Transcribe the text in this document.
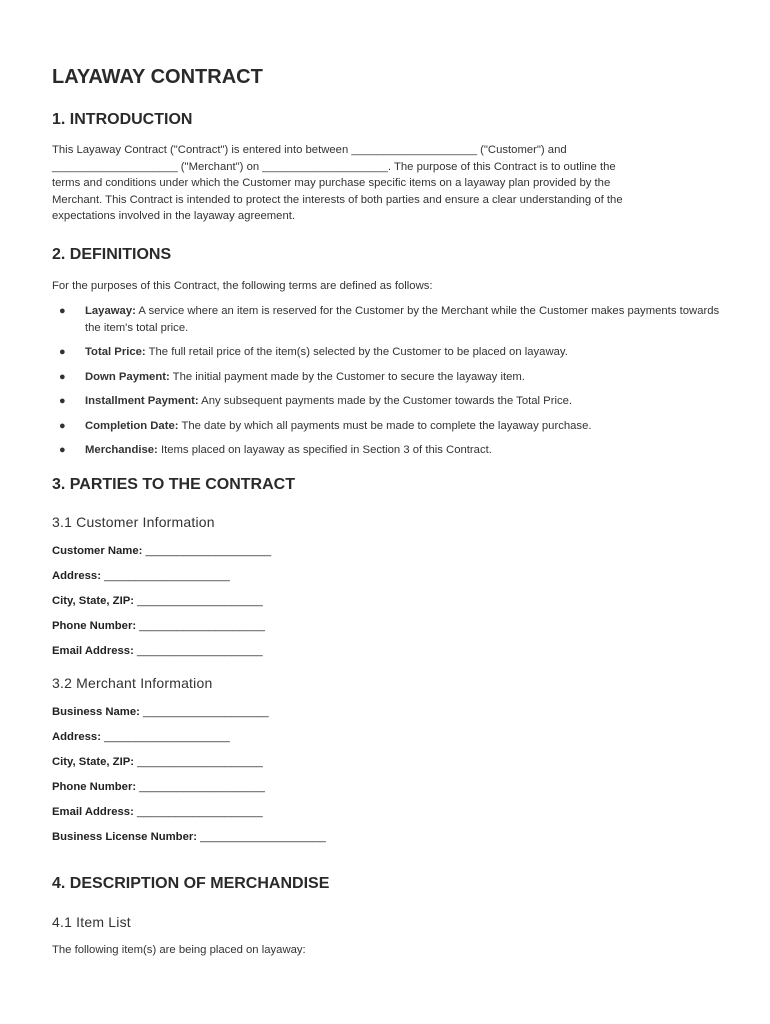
LAYAWAY CONTRACT
1. INTRODUCTION

This Layaway Contract ("Contract") is entered into between ____________________ ("Customer") and

____________________ ("Merchant") on ____________________. The purpose of this Contract is to outline the

terms and conditions under which the Customer may purchase specific items on a layaway plan provided by the

Merchant. This Contract is intended to protect the interests of both parties and ensure a clear understanding of the

expectations involved in the layaway agreement.

2. DEFINITIONS

For the purposes of this Contract, the following terms are defined as follows:

● Layaway: A service where an item is reserved for the Customer by the Merchant while the Customer makes payments towards the item's total price.
● Total Price: The full retail price of the item(s) selected by the Customer to be placed on layaway.
● Down Payment: The initial payment made by the Customer to secure the layaway item.
● Installment Payment: Any subsequent payments made by the Customer towards the Total Price.
● Completion Date: The date by which all payments must be made to complete the layaway purchase.
● Merchandise: Items placed on layaway as specified in Section 3 of this Contract.
3. PARTIES TO THE CONTRACT
3.1 Customer Information
Customer Name: ____________________
Address: ____________________
City, State, ZIP: ____________________
Phone Number: ____________________
Email Address: ____________________
3.2 Merchant Information
Business Name: ____________________
Address: ____________________
City, State, ZIP: ____________________
Phone Number: ____________________
Email Address: ____________________
Business License Number: ____________________
4. DESCRIPTION OF MERCHANDISE
4.1 Item List

The following item(s) are being placed on layaway:
